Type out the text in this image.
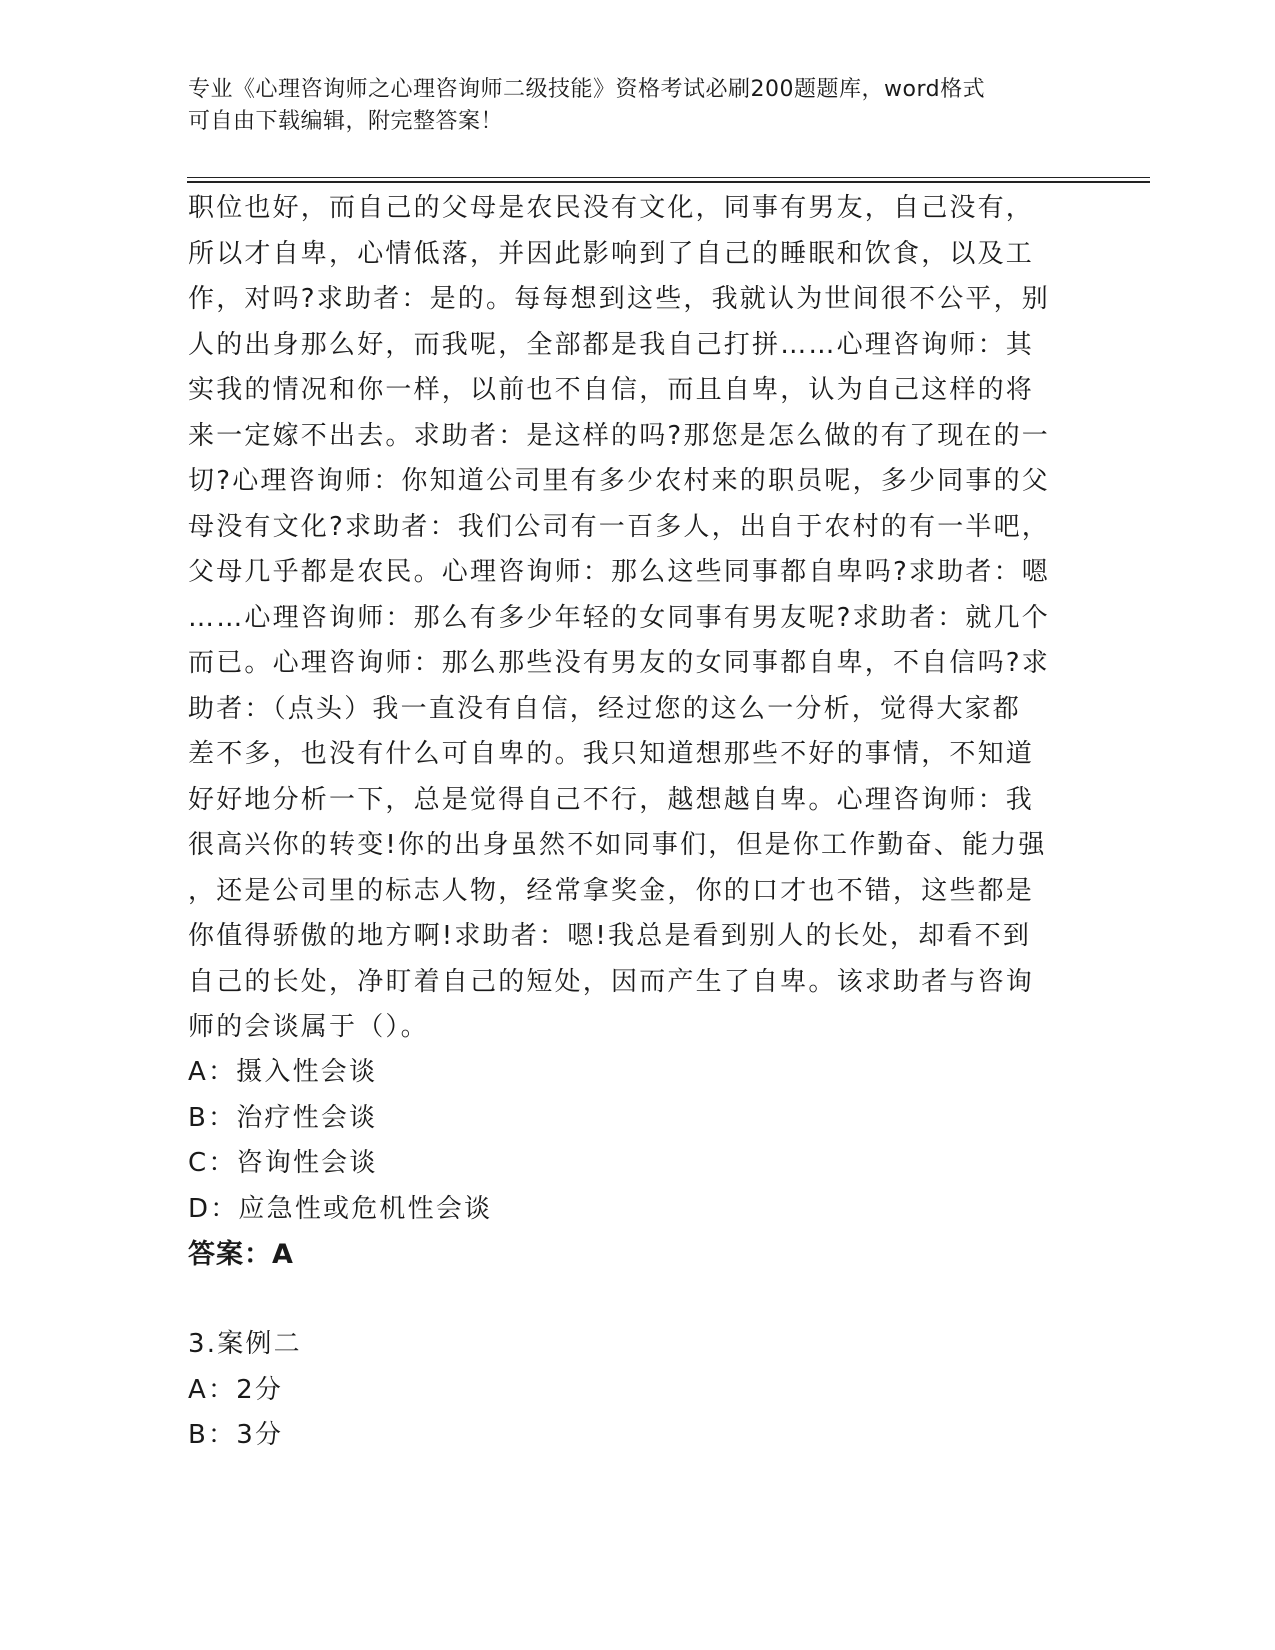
专业《心理咨询师之心理咨询师二级技能》资格考试必刷200题题库，word格式

可自由下载编辑，附完整答案！

职位也好，而自己的父母是农民没有文化，同事有男友，自己没有，
所以才自卑，心情低落，并因此影响到了自己的睡眠和饮食，以及工
作，对吗?求助者：是的。每每想到这些，我就认为世间很不公平，别
人的出身那么好，而我呢，全部都是我自己打拼……心理咨询师：其
实我的情况和你一样，以前也不自信，而且自卑，认为自己这样的将
来一定嫁不出去。求助者：是这样的吗?那您是怎么做的有了现在的一
切?心理咨询师：你知道公司里有多少农村来的职员呢，多少同事的父
母没有文化?求助者：我们公司有一百多人，出自于农村的有一半吧，
父母几乎都是农民。心理咨询师：那么这些同事都自卑吗?求助者：嗯
……心理咨询师：那么有多少年轻的女同事有男友呢?求助者：就几个
而已。心理咨询师：那么那些没有男友的女同事都自卑，不自信吗?求
助者：（点头）我一直没有自信，经过您的这么一分析，觉得大家都
差不多，也没有什么可自卑的。我只知道想那些不好的事情，不知道
好好地分析一下，总是觉得自己不行，越想越自卑。心理咨询师：我
很高兴你的转变!你的出身虽然不如同事们，但是你工作勤奋、能力强
，还是公司里的标志人物，经常拿奖金，你的口才也不错，这些都是
你值得骄傲的地方啊!求助者：嗯!我总是看到别人的长处，却看不到
自己的长处，净盯着自己的短处，因而产生了自卑。该求助者与咨询
师的会谈属于（）。
A：摄入性会谈
B：治疗性会谈
C：咨询性会谈
D：应急性或危机性会谈
答案：A
3.案例二
A：2分
B：3分
